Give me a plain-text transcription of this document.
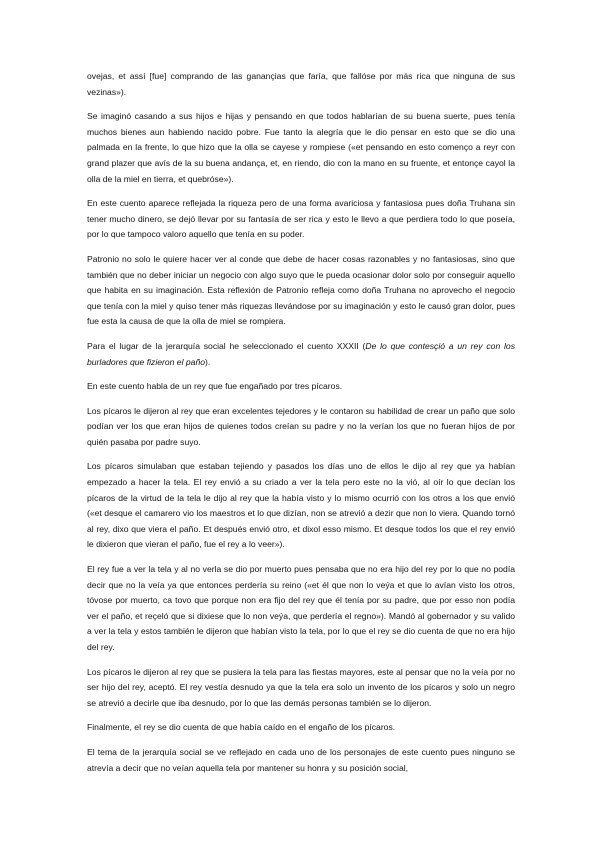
ovejas, et assí [fue] comprando de las ganançias que faría, que fallóse por más rica que ninguna de sus vezinas»).

Se imaginó casando a sus hijos e hijas y pensando en que todos hablarían de su buena suerte, pues tenía muchos bienes aun habiendo nacido pobre. Fue tanto la alegría que le dio pensar en esto que se dio una palmada en la frente, lo que hizo que la olla se cayese y rompiese («et pensando en esto començo a reyr con grand plazer que avís de la su buena andança, et, en riendo, dio con la mano en su fruente, et entonçe cayol la olla de la miel en tierra, et quebróse»).

En este cuento aparece reflejada la riqueza pero de una forma avariciosa y fantasiosa pues doña Truhana sin tener mucho dinero, se dejó llevar por su fantasía de ser rica y esto le llevo a que perdiera todo lo que poseía, por lo que tampoco valoro aquello que tenía en su poder.

Patronio no solo le quiere hacer ver al conde que debe de hacer cosas razonables y no fantasiosas, sino que también que no deber iniciar un negocio con algo suyo que le pueda ocasionar dolor solo por conseguir aquello que habita en su imaginación. Esta reflexión de Patronio refleja como doña Truhana no aprovecho el negocio que tenía con la miel y quiso tener más riquezas llevándose por su imaginación y esto le causó gran dolor, pues fue esta la causa de que la olla de miel se rompiera.

Para el lugar de la jerarquía social he seleccionado el cuento XXXII (De lo que contesçió a un rey con los burladores que fizieron el paño).

En este cuento habla de un rey que fue engañado por tres pícaros.

Los pícaros le dijeron al rey que eran excelentes tejedores y le contaron su habilidad de crear un paño que solo podían ver los que eran hijos de quienes todos creían su padre y no la verían los que no fueran hijos de por quién pasaba por padre suyo.

Los pícaros simulaban que estaban tejiendo y pasados los días uno de ellos le dijo al rey que ya habían empezado a hacer la tela. El rey envió a su criado a ver la tela pero este no la vió, al oír lo que decían los pícaros de la virtud de la tela le dijo al rey que la había visto y lo mismo ocurrió con los otros a los que envió («et desque el camarero vio los maestros et lo que dizían, non se atrevió a dezir que non lo viera. Quando tornó al rey, dixo que viera el paño. Et después envió otro, et dixol esso mismo. Et desque todos los que el rey envió le dixieron que vieran el paño, fue el rey a lo veer»).

El rey fue a ver la tela y al no verla se dio por muerto pues pensaba que no era hijo del rey por lo que no podía decir que no la veía ya que entonces perdería su reino («et él que non lo veýa et que lo avían visto los otros, tóvose por muerto, ca tovo que porque non era fijo del rey que él tenía por su padre, que por esso non podía ver el paño, et reçeló que si dixiese que lo non veýa, que perdería el regno»). Mandó al gobernador y su valido a ver la tela y estos también le dijeron que habían visto la tela, por lo que el rey se dio cuenta de que no era hijo del rey.

Los pícaros le dijeron al rey que se pusiera la tela para las fiestas mayores, este al pensar que no la veía por no ser hijo del rey, aceptó. El rey vestía desnudo ya que la tela era solo un invento de los pícaros y solo un negro se atrevió a decirle que iba desnudo, por lo que las demás personas también se lo dijeron.

Finalmente, el rey se dio cuenta de que había caído en el engaño de los pícaros.

El tema de la jerarquía social se ve reflejado en cada uno de los personajes de este cuento pues ninguno se atrevía a decir que no veían aquella tela por mantener su honra y su posición social,
